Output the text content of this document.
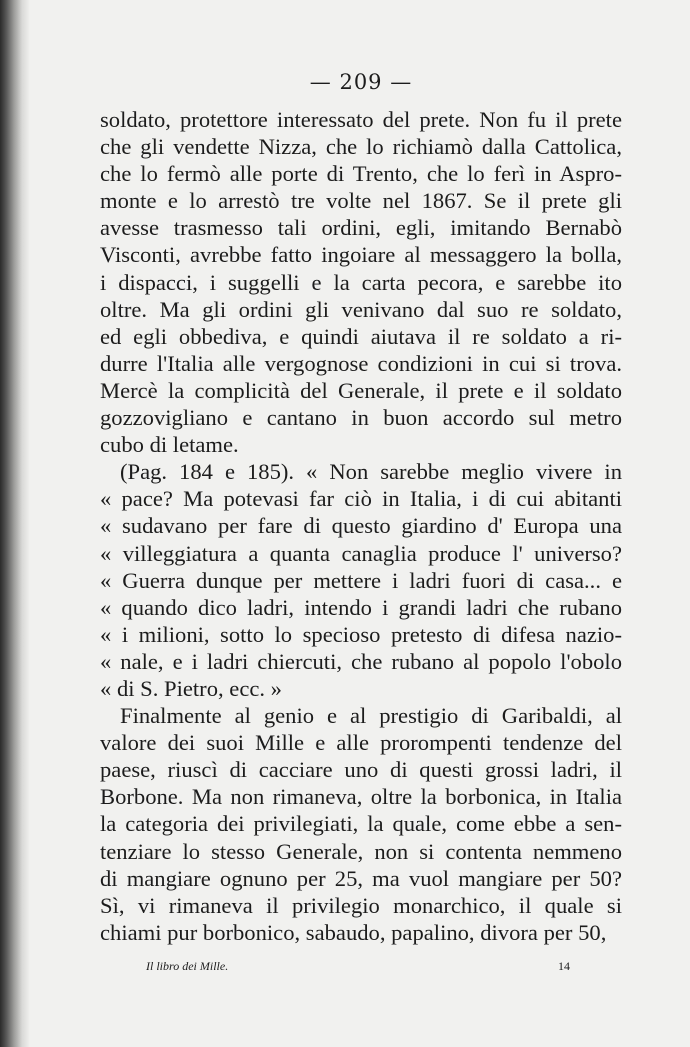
— 209 —
soldato, protettore interessato del prete. Non fu il prete
che gli vendette Nizza, che lo richiamò dalla Cattolica,
che lo fermò alle porte di Trento, che lo ferì in Aspro-
monte e lo arrestò tre volte nel 1867. Se il prete gli
avesse trasmesso tali ordini, egli, imitando Bernabò
Visconti, avrebbe fatto ingoiare al messaggero la bolla,
i dispacci, i suggelli e la carta pecora, e sarebbe ito
oltre. Ma gli ordini gli venivano dal suo re soldato,
ed egli obbediva, e quindi aiutava il re soldato a ri-
durre l'Italia alle vergognose condizioni in cui si trova.
Mercè la complicità del Generale, il prete e il soldato
gozzovigliano e cantano in buon accordo sul metro
cubo di letame.
(Pag. 184 e 185). « Non sarebbe meglio vivere in
« pace? Ma potevasi far ciò in Italia, i di cui abitanti
« sudavano per fare di questo giardino d' Europa una
« villeggiatura a quanta canaglia produce l' universo?
« Guerra dunque per mettere i ladri fuori di casa... e
« quando dico ladri, intendo i grandi ladri che rubano
« i milioni, sotto lo specioso pretesto di difesa nazio-
« nale, e i ladri chiercuti, che rubano al popolo l'obolo
« di S. Pietro, ecc. »
Finalmente al genio e al prestigio di Garibaldi, al
valore dei suoi Mille e alle prorompenti tendenze del
paese, riuscì di cacciare uno di questi grossi ladri, il
Borbone. Ma non rimaneva, oltre la borbonica, in Italia
la categoria dei privilegiati, la quale, come ebbe a sen-
tenziare lo stesso Generale, non si contenta nemmeno
di mangiare ognuno per 25, ma vuol mangiare per 50?
Sì, vi rimaneva il privilegio monarchico, il quale si
chiami pur borbonico, sabaudo, papalino, divora per 50,
Il libro dei Mille.	14
